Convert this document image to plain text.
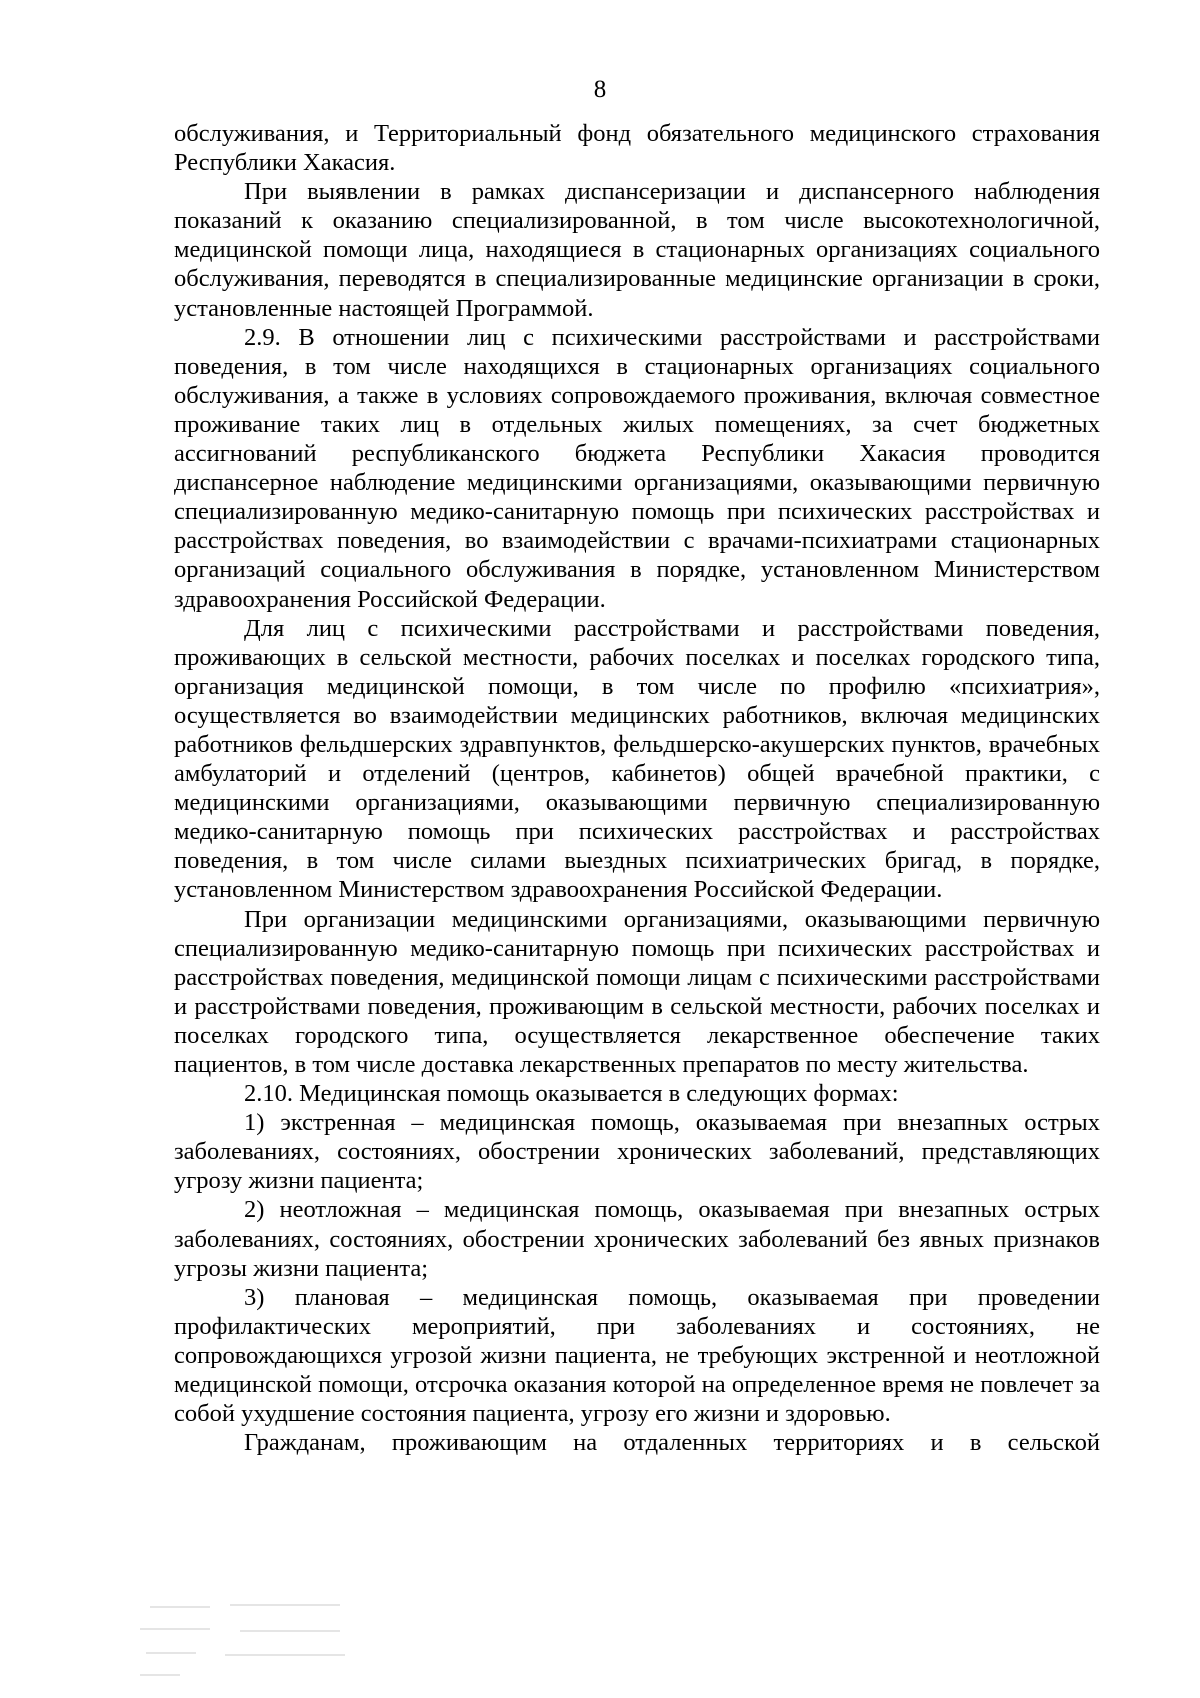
8

обслуживания, и Территориальный фонд обязательного медицинского страхования Республики Хакасия.

При выявлении в рамках диспансеризации и диспансерного наблюдения показаний к оказанию специализированной, в том числе высокотехнологичной, медицинской помощи лица, находящиеся в стационарных организациях социального обслуживания, переводятся в специализированные медицинские организации в сроки, установленные настоящей Программой.

2.9. В отношении лиц с психическими расстройствами и расстройствами поведения, в том числе находящихся в стационарных организациях социального обслуживания, а также в условиях сопровождаемого проживания, включая совместное проживание таких лиц в отдельных жилых помещениях, за счет бюджетных ассигнований республиканского бюджета Республики Хакасия проводится диспансерное наблюдение медицинскими организациями, оказывающими первичную специализированную медико-санитарную помощь при психических расстройствах и расстройствах поведения, во взаимодействии с врачами-психиатрами стационарных организаций социального обслуживания в порядке, установленном Министерством здравоохранения Российской Федерации.

Для лиц с психическими расстройствами и расстройствами поведения, проживающих в сельской местности, рабочих поселках и поселках городского типа, организация медицинской помощи, в том числе по профилю «психиатрия», осуществляется во взаимодействии медицинских работников, включая медицинских работников фельдшерских здравпунктов, фельдшерско-акушерских пунктов, врачебных амбулаторий и отделений (центров, кабинетов) общей врачебной практики, с медицинскими организациями, оказывающими первичную специализированную медико-санитарную помощь при психических расстройствах и расстройствах поведения, в том числе силами выездных психиатрических бригад, в порядке, установленном Министерством здравоохранения Российской Федерации.

При организации медицинскими организациями, оказывающими первичную специализированную медико-санитарную помощь при психических расстройствах и расстройствах поведения, медицинской помощи лицам с психическими расстройствами и расстройствами поведения, проживающим в сельской местности, рабочих поселках и поселках городского типа, осуществляется лекарственное обеспечение таких пациентов, в том числе доставка лекарственных препаратов по месту жительства.

2.10. Медицинская помощь оказывается в следующих формах:

1) экстренная – медицинская помощь, оказываемая при внезапных острых заболеваниях, состояниях, обострении хронических заболеваний, представляющих угрозу жизни пациента;

2) неотложная – медицинская помощь, оказываемая при внезапных острых заболеваниях, состояниях, обострении хронических заболеваний без явных признаков угрозы жизни пациента;

3) плановая – медицинская помощь, оказываемая при проведении профилактических мероприятий, при заболеваниях и состояниях, не сопровождающихся угрозой жизни пациента, не требующих экстренной и неотложной медицинской помощи, отсрочка оказания которой на определенное время не повлечет за собой ухудшение состояния пациента, угрозу его жизни и здоровью.

Гражданам, проживающим на отдаленных территориях и в сельской
